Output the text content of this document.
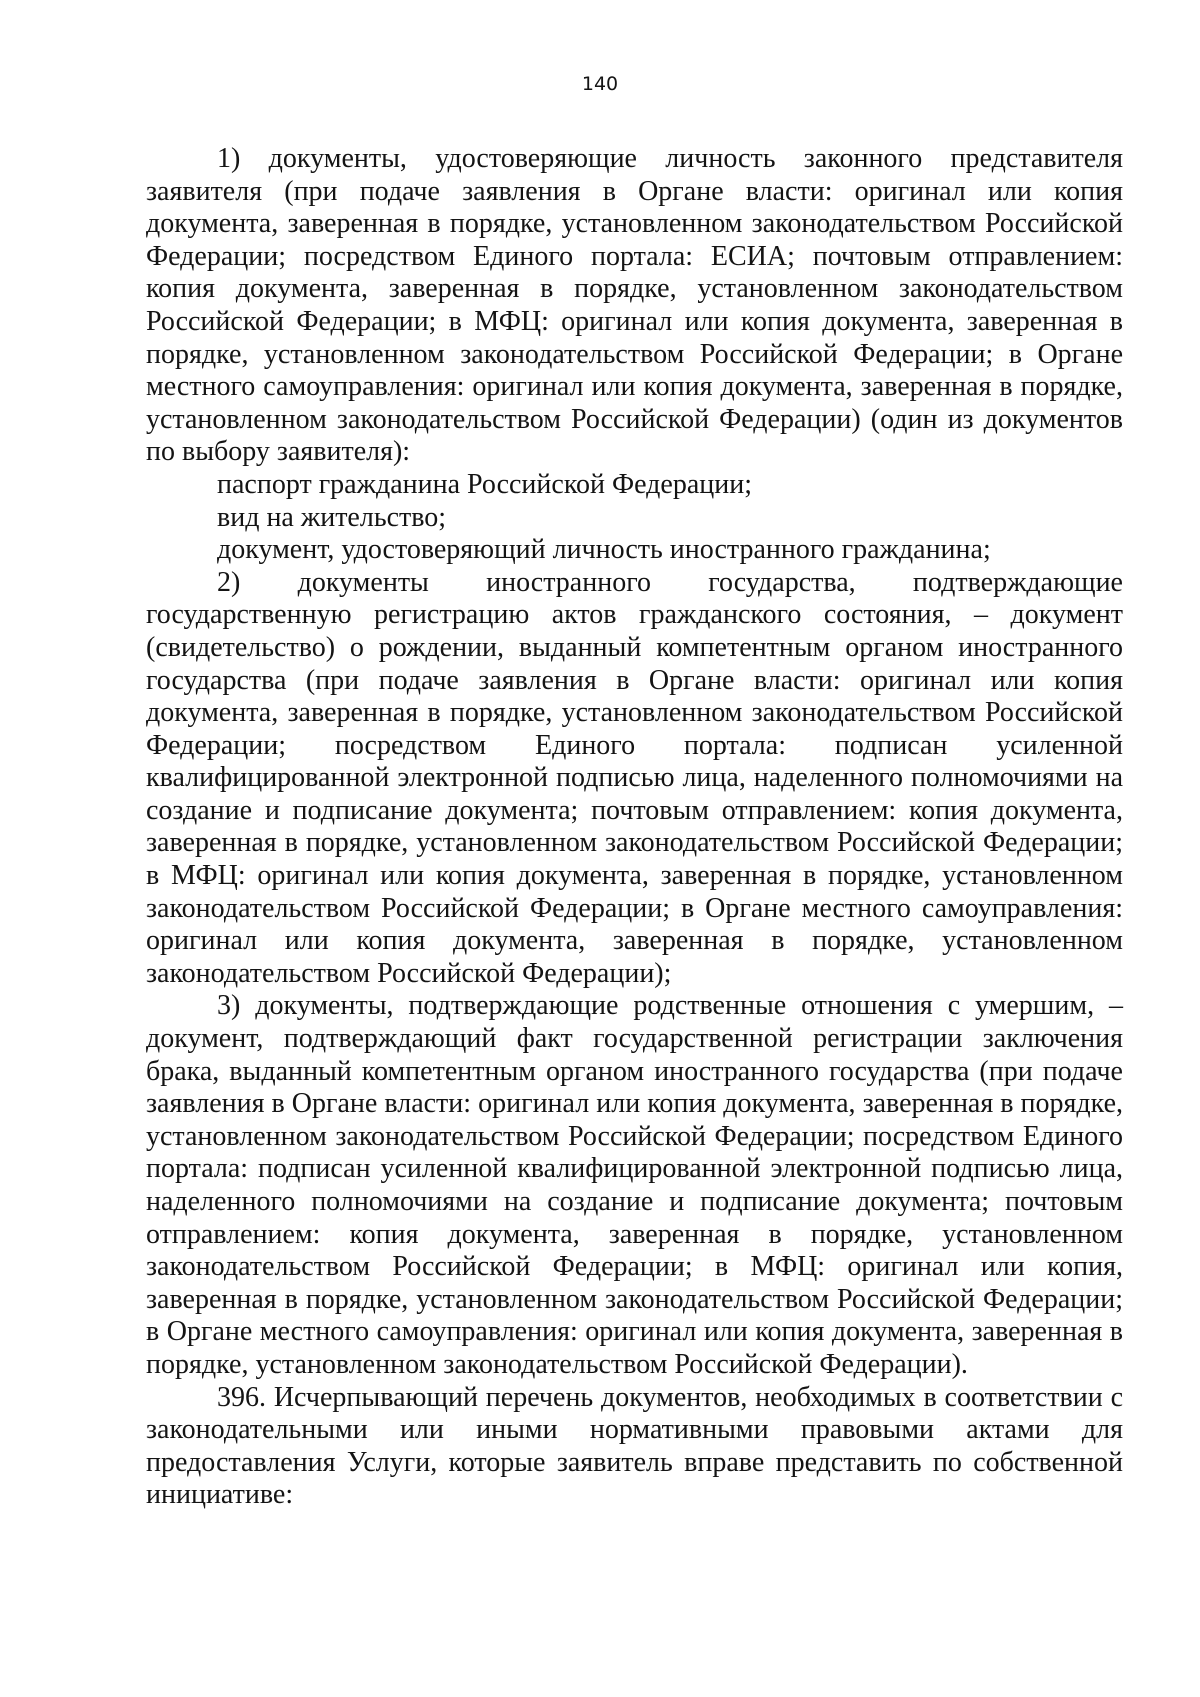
140

1) документы, удостоверяющие личность законного представителя заявителя (при подаче заявления в Органе власти: оригинал или копия документа, заверенная в порядке, установленном законодательством Российской Федерации; посредством Единого портала: ЕСИА; почтовым отправлением: копия документа, заверенная в порядке, установленном законодательством Российской Федерации; в МФЦ: оригинал или копия документа, заверенная в порядке, установленном законодательством Российской Федерации; в Органе местного самоуправления: оригинал или копия документа, заверенная в порядке, установленном законодательством Российской Федерации) (один из документов по выбору заявителя):

паспорт гражданина Российской Федерации;

вид на жительство;

документ, удостоверяющий личность иностранного гражданина;

2) документы иностранного государства, подтверждающие государственную регистрацию актов гражданского состояния, – документ (свидетельство) о рождении, выданный компетентным органом иностранного государства (при подаче заявления в Органе власти: оригинал или копия документа, заверенная в порядке, установленном законодательством Российской Федерации; посредством Единого портала: подписан усиленной квалифицированной электронной подписью лица, наделенного полномочиями на создание и подписание документа; почтовым отправлением: копия документа, заверенная в порядке, установленном законодательством Российской Федерации; в МФЦ: оригинал или копия документа, заверенная в порядке, установленном законодательством Российской Федерации; в Органе местного самоуправления: оригинал или копия документа, заверенная в порядке, установленном законодательством Российской Федерации);

3) документы, подтверждающие родственные отношения с умершим, – документ, подтверждающий факт государственной регистрации заключения брака, выданный компетентным органом иностранного государства (при подаче заявления в Органе власти: оригинал или копия документа, заверенная в порядке, установленном законодательством Российской Федерации; посредством Единого портала: подписан усиленной квалифицированной электронной подписью лица, наделенного полномочиями на создание и подписание документа; почтовым отправлением: копия документа, заверенная в порядке, установленном законодательством Российской Федерации; в МФЦ: оригинал или копия, заверенная в порядке, установленном законодательством Российской Федерации; в Органе местного самоуправления: оригинал или копия документа, заверенная в порядке, установленном законодательством Российской Федерации).

396. Исчерпывающий перечень документов, необходимых в соответствии с законодательными или иными нормативными правовыми актами для предоставления Услуги, которые заявитель вправе представить по собственной инициативе:
